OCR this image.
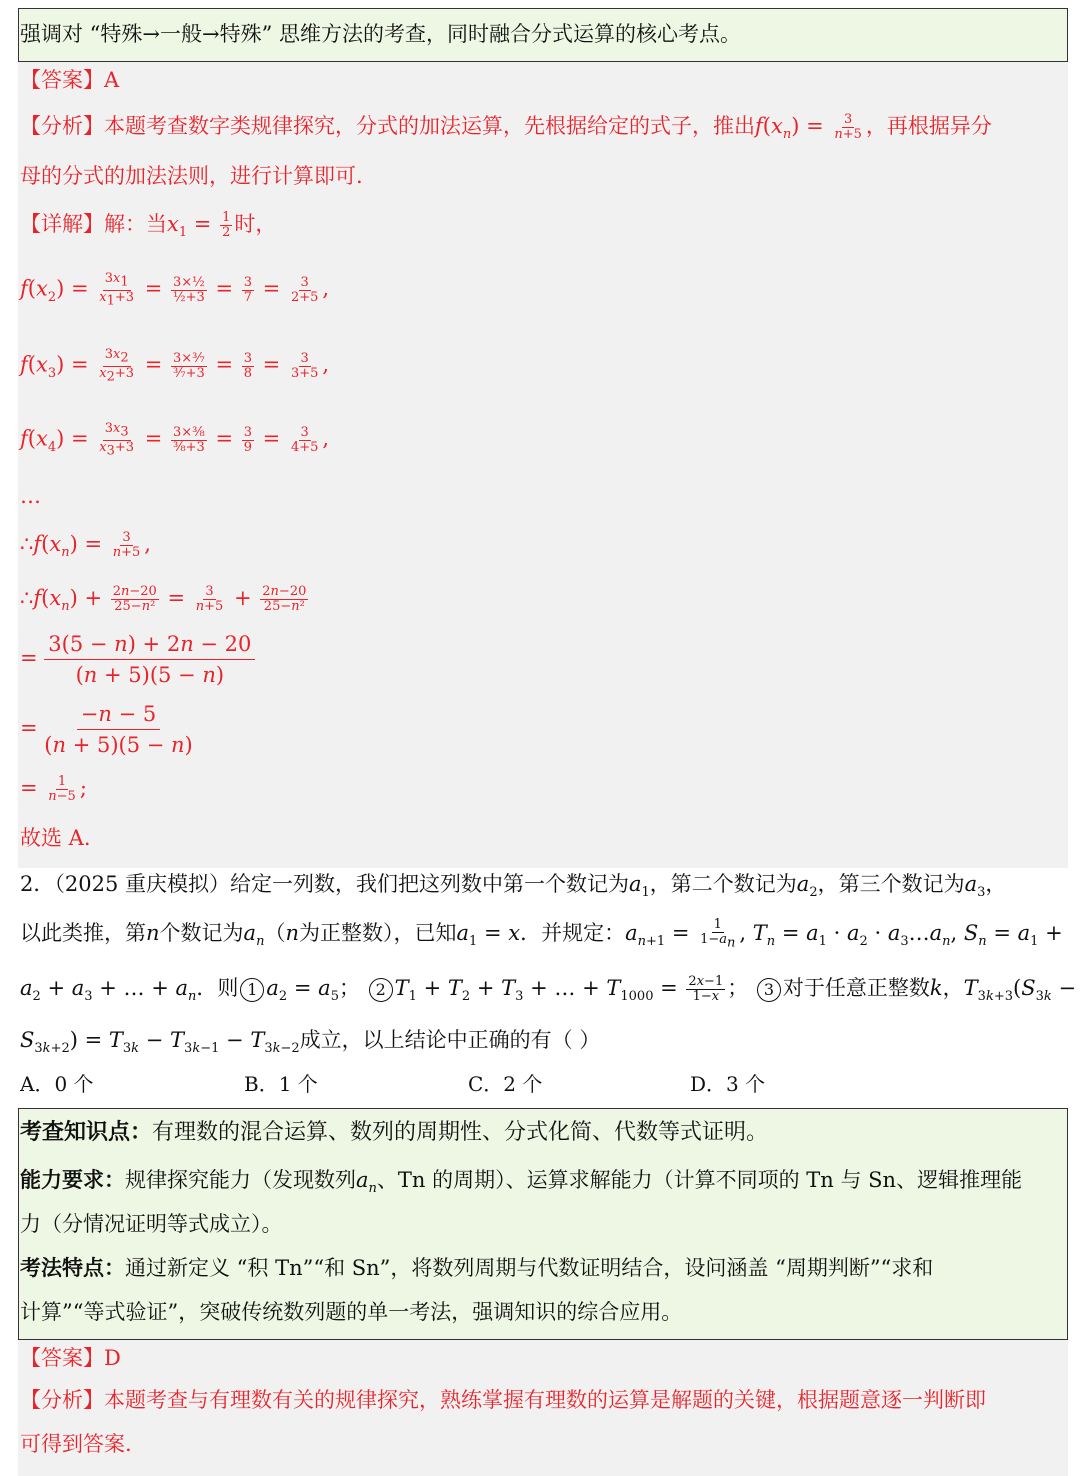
强调对 “特殊→一般→特殊” 思维方法的考查，同时融合分式运算的核心考点。
【答案】A
【分析】本题考查数字类规律探究，分式的加法运算，先根据给定的式子，推出$f(x_n) = \frac{3}{n+5}$ ，再根据异分
母的分式的加法法则，进行计算即可.
【详解】解：当$x_1 = \frac{1}{2}$ 时，
$f(x_2) = \frac{3x_1}{x_1+3} = \frac{\text{3×½}}{\text{½+3}} = \frac{3}{7} = \frac{3}{2+5}$ ,
$f(x_3) = \frac{3x_2}{x_2+3} = \frac{\text{3×³⁄₇}}{\text{³⁄₇+3}} = \frac{3}{8} = \frac{3}{3+5}$ ,
$f(x_4) = \frac{3x_3}{x_3+3} = \frac{\text{3×³⁄₈}}{\text{³⁄₈+3}} = \frac{3}{9} = \frac{3}{4+5}$ ,
…
$\therefore f(x_n) = \frac{3}{n+5}$ ,
$\therefore f(x_n) + \frac{2n-20}{\text{25−n²}} = \frac{3}{n+5} + \frac{2n-20}{\text{25−n²}}$
= $\frac{3(5 - n) + 2n - 20}{(n + 5)(5 - n)}$
= $\frac{-n - 5}{(n + 5)(5 - n)}$
= $\frac{1}{n-5}$ ;
故选 A.
2．（2025 重庆模拟）给定一列数，我们把这列数中第一个数记为$a_1$，第二个数记为$a_2$，第三个数记为$a_3$，
以此类推，第n个数记为$a_n(n$为正整数），已知$a_1 = x$．并规定：$a_{n+1} = \frac{1}{1-a_n}$ , $T_n = a_1 \cdot a_2$ · $a_3\dots a_n$, $S_n = a_1$ +
$a_2 + a_3$ + … + $a_n$．则 1 $a_2 = a_5$； 2 $T_1 + T_2 + T_3$ + … + $T_{1000} = \frac{2x-1}{1-x}$ ； 3 对于任意正整数k，$T_{3k+3}(S_{3k}$ −
$S_{3k+2}) = T_{3k} - T_{3k-1} - T_{3k-2}$成立，以上结论中正确的有（ ）
A．0 个	B．1 个	C．2 个	D．3 个
考查知识点：有理数的混合运算、数列的周期性、分式化简、代数等式证明。
能力要求：规律探究能力（发现数列$a_n$、Tn 的周期）、运算求解能力（计算不同项的 Tn 与 Sn、逻辑推理能
力（分情况证明等式成立）。
考法特点：通过新定义 “积 Tn”“和 Sn”，将数列周期与代数证明结合，设问涵盖 “周期判断”“求和
计算”“等式验证”，突破传统数列题的单一考法，强调知识的综合应用。
【答案】D
【分析】本题考查与有理数有关的规律探究，熟练掌握有理数的运算是解题的关键，根据题意逐一判断即
可得到答案.
